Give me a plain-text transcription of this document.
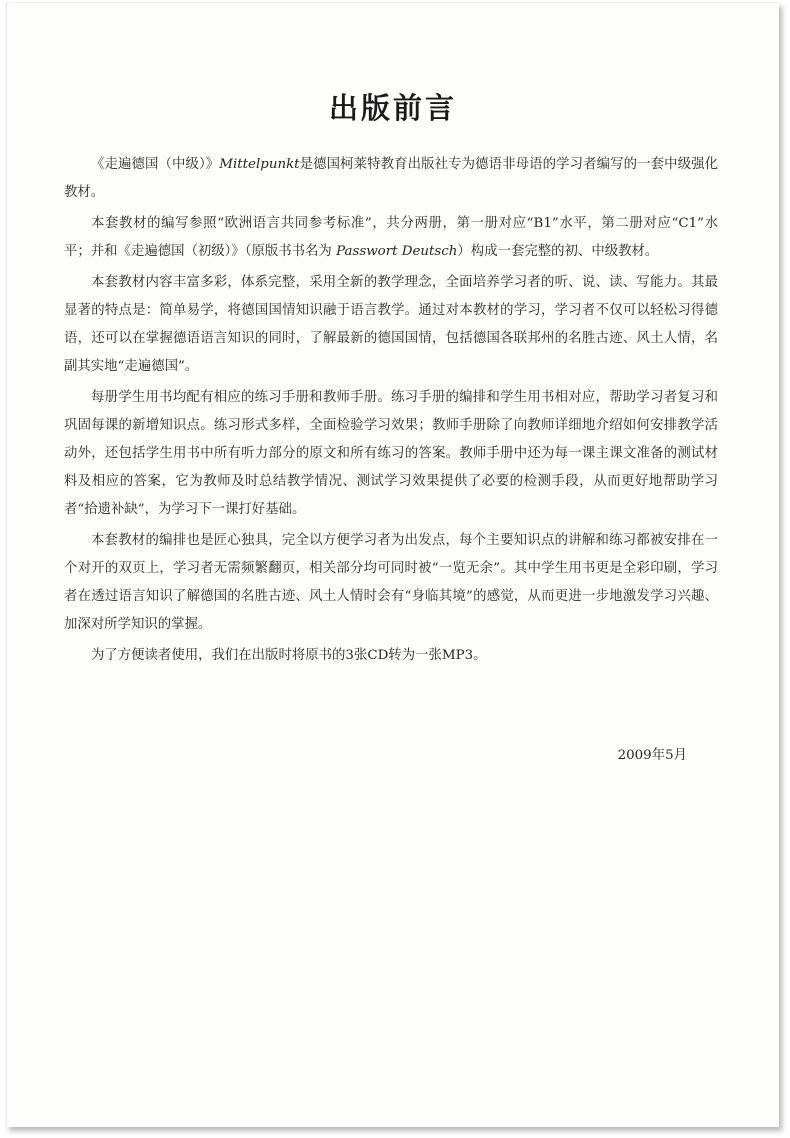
出版前言

《走遍德国（中级）》Mittelpunkt是德国柯莱特教育出版社专为德语非母语的学习者编写的一套中级强化教材。

本套教材的编写参照“欧洲语言共同参考标准”，共分两册，第一册对应“B1”水平，第二册对应“C1”水平；并和《走遍德国（初级）》（原版书书名为 Passwort Deutsch）构成一套完整的初、中级教材。

本套教材内容丰富多彩，体系完整，采用全新的教学理念，全面培养学习者的听、说、读、写能力。其最显著的特点是：简单易学，将德国国情知识融于语言教学。通过对本教材的学习，学习者不仅可以轻松习得德语，还可以在掌握德语语言知识的同时，了解最新的德国国情，包括德国各联邦州的名胜古迹、风土人情，名副其实地“走遍德国”。

每册学生用书均配有相应的练习手册和教师手册。练习手册的编排和学生用书相对应，帮助学习者复习和巩固每课的新增知识点。练习形式多样，全面检验学习效果；教师手册除了向教师详细地介绍如何安排教学活动外，还包括学生用书中所有听力部分的原文和所有练习的答案。教师手册中还为每一课主课文准备的测试材料及相应的答案，它为教师及时总结教学情况、测试学习效果提供了必要的检测手段，从而更好地帮助学习者“拾遗补缺”，为学习下一课打好基础。

本套教材的编排也是匠心独具，完全以方便学习者为出发点，每个主要知识点的讲解和练习都被安排在一个对开的双页上，学习者无需频繁翻页，相关部分均可同时被“一览无余”。其中学生用书更是全彩印刷，学习者在透过语言知识了解德国的名胜古迹、风土人情时会有“身临其境”的感觉，从而更进一步地激发学习兴趣、加深对所学知识的掌握。

为了方便读者使用，我们在出版时将原书的3张CD转为一张MP3。

2009年5月
